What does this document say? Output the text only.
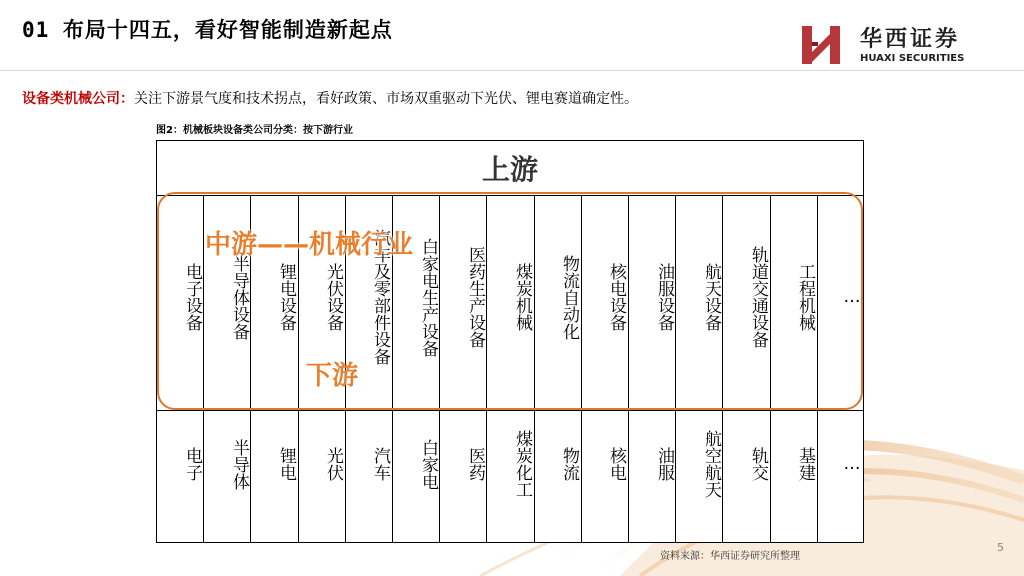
01 布局十四五，看好智能制造新起点	华西证券
HUAXI SECURITIES
设备类机械公司：关注下游景气度和技术拐点，看好政策、市场双重驱动下光伏、锂电赛道确定性。
图2：机械板块设备类公司分类：按下游行业
上游
电子设备
电子
半导体设备
半导体
锂电设备
锂电
光伏设备
光伏
汽车及零部件设备
汽车
白家电生产设备
白家电
医药生产设备
医药
煤炭机械
煤炭化工
物流自动化
物流
核电设备
核电
油服设备
油服
航天设备
航空航天
轨道交通设备
轨交
工程机械
基建
…
…
中游——机械行业
下游
资料来源：华西证券研究所整理
5
